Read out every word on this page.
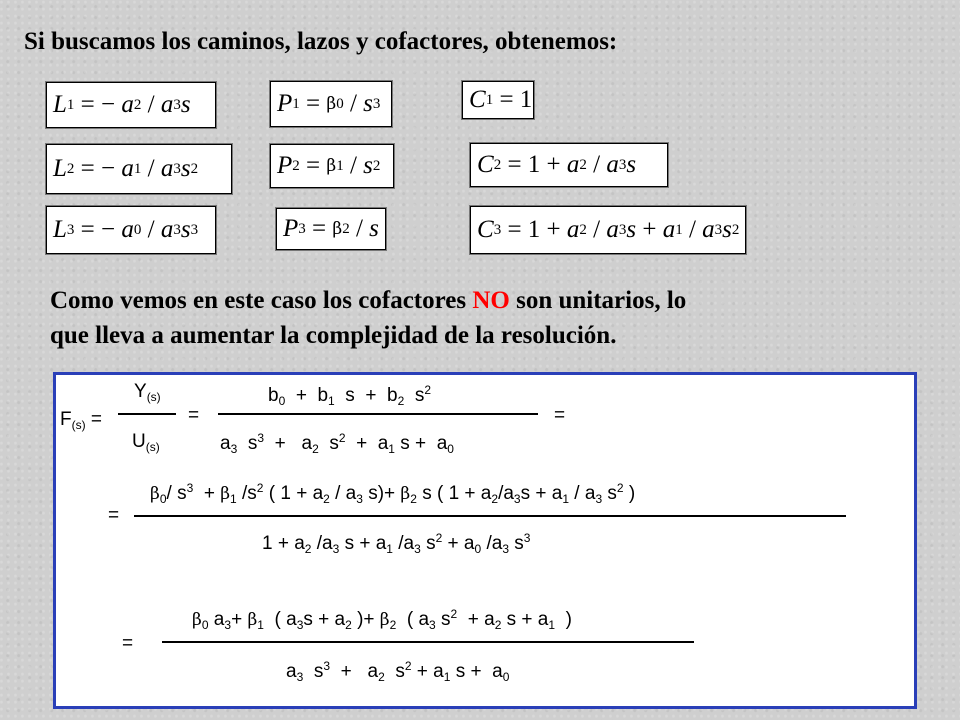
Si buscamos los caminos, lazos y cofactores, obtenemos:
L 1
=
− a 2
/ a 3 s
L 2
=
− a 1
/ a 3 s 2
L 3
=
− a 0
/ a 3 s 3
P 1
=
β 0
/ s 3
P 2
=
β 1
/ s 2
P 3
=
β 2
/ s
C 1
=
1
C 2
=
1
+ a 2
/ a 3 s
C 3
=
1
+ a 2
/ a 3 s + a 1
/ a 3 s 2
Como vemos en este caso los cofactores NO son unitarios, lo
que lleva a aumentar la complejidad de la resolución.
$F_{(s)}$ =
$Y_{(s)}$
$U_{(s)}$
=
$b_0 + b_1$  $s + b_2$  $s^2$
$a_3$  $s^3 + a_2$  $s^2 + a_1$ $s + a_0$
=
=
$\beta_0/$ $s^3 + \beta_1$ $/s^2$ ( $1 + a_2 / a_3$ $s)+ \beta_2$ s ( $1 + a_2/a_3s + a_1 / a_3$ $s^2$ )
$1 + a_2$ $/a_3$ $s + a_1$ $/a_3$ $s^2 + a_0$ $/a_3$ $s^3$
=
$\beta_0$ $a_3+ \beta_1$  ( $a_3s + a_2$ )+ $\beta_2$  ( $a_3$ $s^2 + a_2$ $s + a_1$  )
$a_3$  $s^3 + a_2$  $s^2 + a_1$ $s + a_0$
